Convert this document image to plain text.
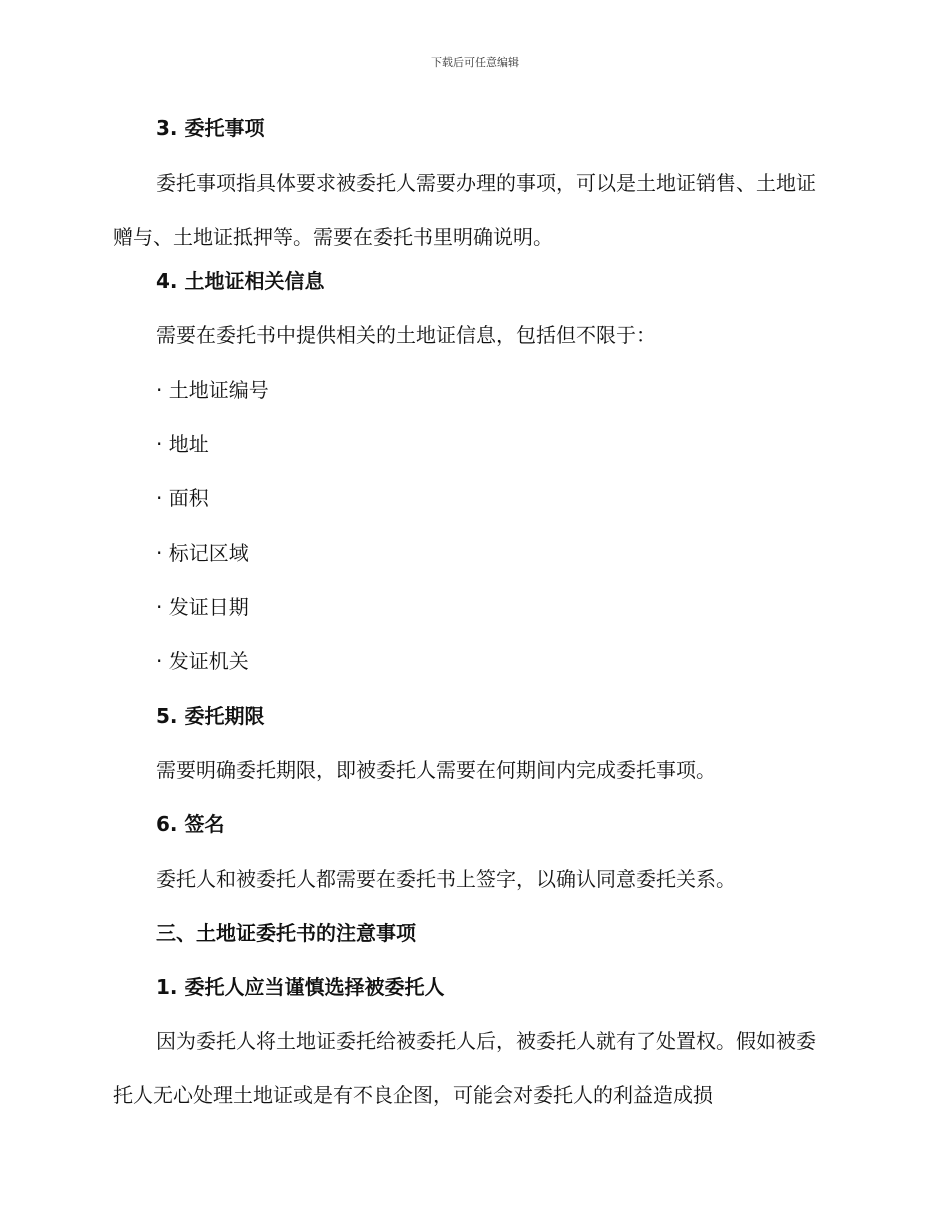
下载后可任意编辑
3. 委托事项
委托事项指具体要求被委托人需要办理的事项，可以是土地证销售、土地证赠与、土地证抵押等。需要在委托书里明确说明。
4. 土地证相关信息
需要在委托书中提供相关的土地证信息，包括但不限于：
· 土地证编号
· 地址
· 面积
· 标记区域
· 发证日期
· 发证机关
5. 委托期限
需要明确委托期限，即被委托人需要在何期间内完成委托事项。
6. 签名
委托人和被委托人都需要在委托书上签字，以确认同意委托关系。
三、土地证委托书的注意事项
1. 委托人应当谨慎选择被委托人
因为委托人将土地证委托给被委托人后，被委托人就有了处置权。假如被委托人无心处理土地证或是有不良企图，可能会对委托人的利益造成损
